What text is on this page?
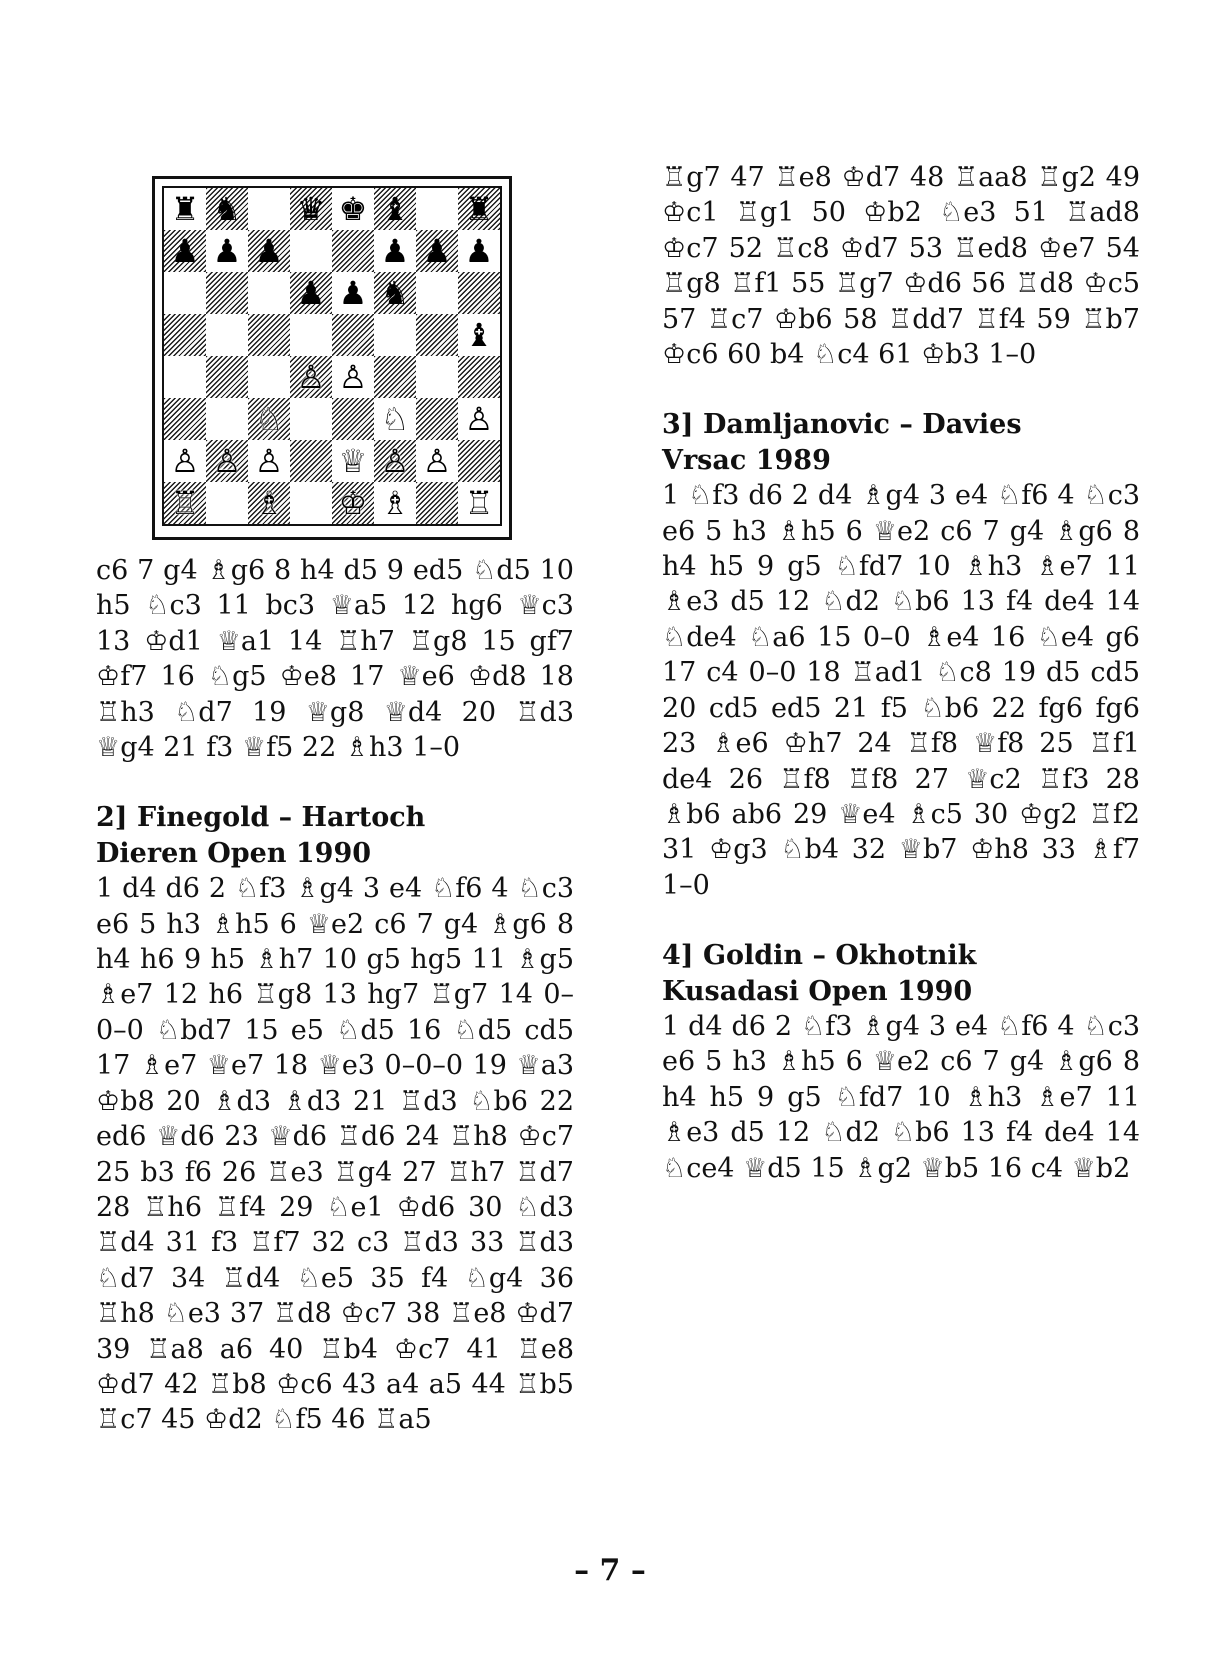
♜ ♞ ♛ ♚ ♝ ♜
♟ ♟ ♟	♟ ♟ ♟
♟ ♟ ♞
♝
♙ ♙
♘	♘ ♙
♙ ♙ ♙ ♕ ♙ ♙
♖ ♗ ♔ ♗ ♖
c6 7 g4 ♗g6 8 h4 d5 9 ed5 ♘d5 10 h5 ♘c3 11 bc3 ♕a5 12 hg6 ♕c3 13 ♔d1 ♕a1 14 ♖h7 ♖g8 15 gf7 ♔f7 16 ♘g5 ♔e8 17 ♕e6 ♔d8 18 ♖h3 ♘d7 19 ♕g8 ♕d4 20 ♖d3 ♕g4 21 f3 ♕f5 22 ♗h3 1–0
2] Finegold – Hartoch
Dieren Open 1990
1 d4 d6 2 ♘f3 ♗g4 3 e4 ♘f6 4 ♘c3 e6 5 h3 ♗h5 6 ♕e2 c6 7 g4 ♗g6 8 h4 h6 9 h5 ♗h7 10 g5 hg5 11 ♗g5 ♗e7 12 h6 ♖g8 13 hg7 ♖g7 14 0–0–0 ♘bd7 15 e5 ♘d5 16 ♘d5 cd5 17 ♗e7 ♕e7 18 ♕e3 0–0–0 19 ♕a3 ♔b8 20 ♗d3 ♗d3 21 ♖d3 ♘b6 22 ed6 ♕d6 23 ♕d6 ♖d6 24 ♖h8 ♔c7 25 b3 f6 26 ♖e3 ♖g4 27 ♖h7 ♖d7 28 ♖h6 ♖f4 29 ♘e1 ♔d6 30 ♘d3 ♖d4 31 f3 ♖f7 32 c3 ♖d3 33 ♖d3 ♘d7 34 ♖d4 ♘e5 35 f4 ♘g4 36 ♖h8 ♘e3 37 ♖d8 ♔c7 38 ♖e8 ♔d7 39 ♖a8 a6 40 ♖b4 ♔c7 41 ♖e8 ♔d7 42 ♖b8 ♔c6 43 a4 a5 44 ♖b5 ♖c7 45 ♔d2 ♘f5 46 ♖a5
♖g7 47 ♖e8 ♔d7 48 ♖aa8 ♖g2 49 ♔c1 ♖g1 50 ♔b2 ♘e3 51 ♖ad8 ♔c7 52 ♖c8 ♔d7 53 ♖ed8 ♔e7 54 ♖g8 ♖f1 55 ♖g7 ♔d6 56 ♖d8 ♔c5 57 ♖c7 ♔b6 58 ♖dd7 ♖f4 59 ♖b7 ♔c6 60 b4 ♘c4 61 ♔b3 1–0
3] Damljanovic – Davies
Vrsac 1989
1 ♘f3 d6 2 d4 ♗g4 3 e4 ♘f6 4 ♘c3 e6 5 h3 ♗h5 6 ♕e2 c6 7 g4 ♗g6 8 h4 h5 9 g5 ♘fd7 10 ♗h3 ♗e7 11 ♗e3 d5 12 ♘d2 ♘b6 13 f4 de4 14 ♘de4 ♘a6 15 0–0 ♗e4 16 ♘e4 g6 17 c4 0–0 18 ♖ad1 ♘c8 19 d5 cd5 20 cd5 ed5 21 f5 ♘b6 22 fg6 fg6 23 ♗e6 ♔h7 24 ♖f8 ♕f8 25 ♖f1 de4 26 ♖f8 ♖f8 27 ♕c2 ♖f3 28 ♗b6 ab6 29 ♕e4 ♗c5 30 ♔g2 ♖f2 31 ♔g3 ♘b4 32 ♕b7 ♔h8 33 ♗f7 1–0
4] Goldin – Okhotnik
Kusadasi Open 1990
1 d4 d6 2 ♘f3 ♗g4 3 e4 ♘f6 4 ♘c3 e6 5 h3 ♗h5 6 ♕e2 c6 7 g4 ♗g6 8 h4 h5 9 g5 ♘fd7 10 ♗h3 ♗e7 11 ♗e3 d5 12 ♘d2 ♘b6 13 f4 de4 14 ♘ce4 ♕d5 15 ♗g2 ♕b5 16 c4 ♕b2
– 7 –
